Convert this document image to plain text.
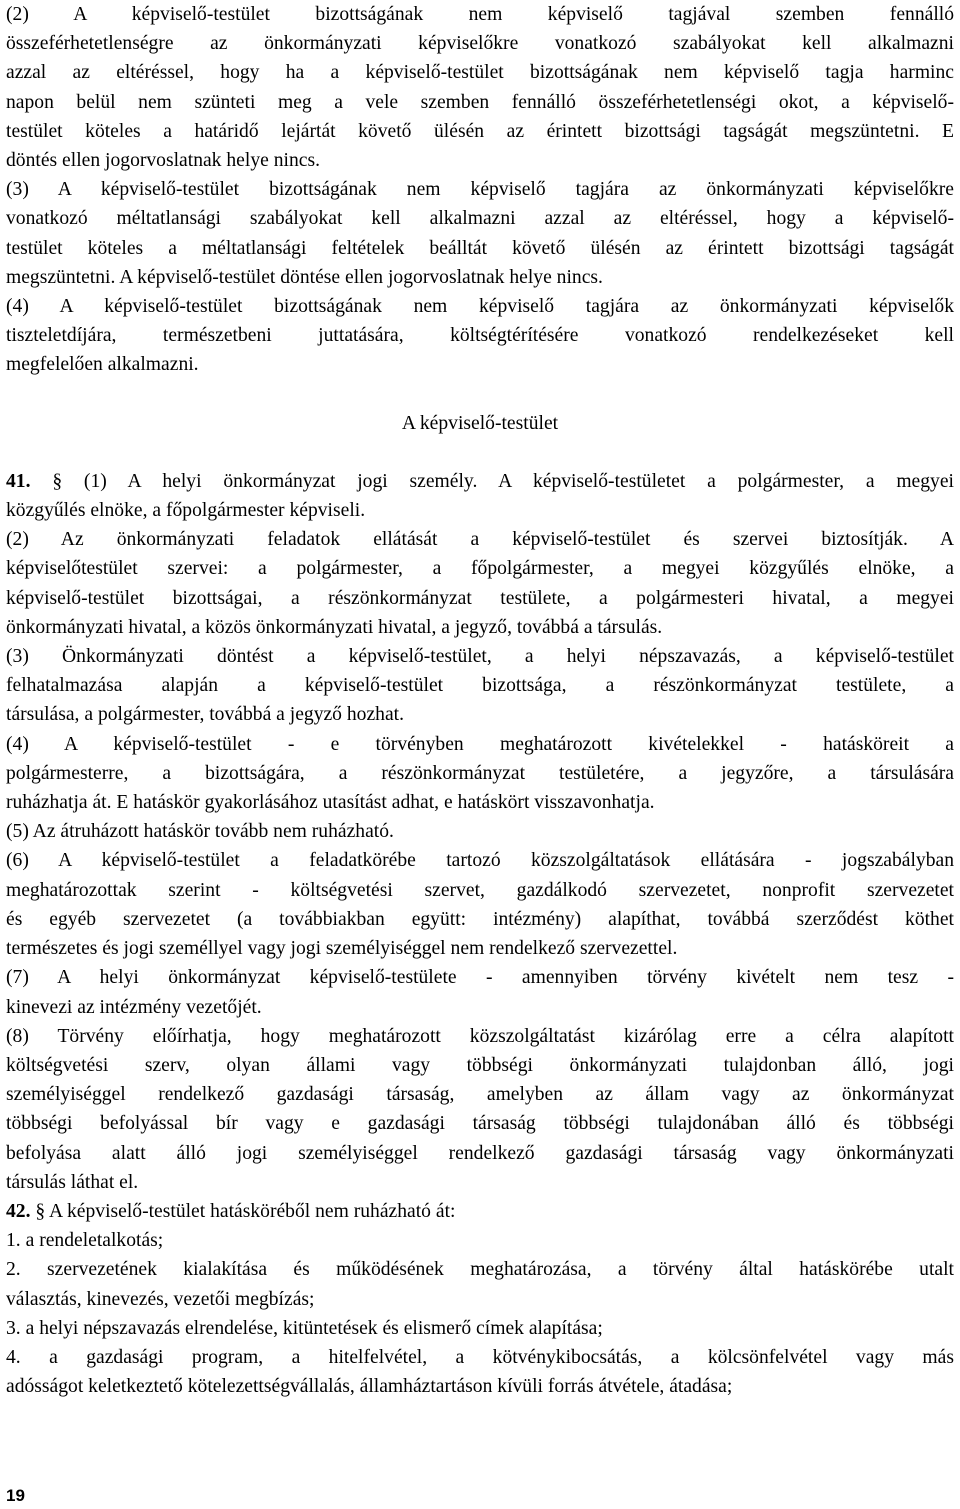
(2) A képviselő-testület bizottságának nem képviselő tagjával szemben fennálló
összeférhetetlenségre az önkormányzati képviselőkre vonatkozó szabályokat kell alkalmazni
azzal az eltéréssel, hogy ha a képviselő-testület bizottságának nem képviselő tagja harminc
napon belül nem szünteti meg a vele szemben fennálló összeférhetetlenségi okot, a képviselő-
testület köteles a határidő lejártát követő ülésén az érintett bizottsági tagságát megszüntetni. E
döntés ellen jogorvoslatnak helye nincs.
(3) A képviselő-testület bizottságának nem képviselő tagjára az önkormányzati képviselőkre
vonatkozó méltatlansági szabályokat kell alkalmazni azzal az eltéréssel, hogy a képviselő-
testület köteles a méltatlansági feltételek beálltát követő ülésén az érintett bizottsági tagságát
megszüntetni. A képviselő-testület döntése ellen jogorvoslatnak helye nincs.
(4) A képviselő-testület bizottságának nem képviselő tagjára az önkormányzati képviselők
tiszteletdíjára, természetbeni juttatására, költségtérítésére vonatkozó rendelkezéseket kell
megfelelően alkalmazni.

A képviselő-testület

41. § (1) A helyi önkormányzat jogi személy. A képviselő-testületet a polgármester, a megyei
közgyűlés elnöke, a főpolgármester képviseli.
(2) Az önkormányzati feladatok ellátását a képviselő-testület és szervei biztosítják. A
képviselőtestület szervei: a polgármester, a főpolgármester, a megyei közgyűlés elnöke, a
képviselő-testület bizottságai, a részönkormányzat testülete, a polgármesteri hivatal, a megyei
önkormányzati hivatal, a közös önkormányzati hivatal, a jegyző, továbbá a társulás.
(3) Önkormányzati döntést a képviselő-testület, a helyi népszavazás, a képviselő-testület
felhatalmazása alapján a képviselő-testület bizottsága, a részönkormányzat testülete, a
társulása, a polgármester, továbbá a jegyző hozhat.
(4) A képviselő-testület - e törvényben meghatározott kivételekkel - hatásköreit a
polgármesterre, a bizottságára, a részönkormányzat testületére, a jegyzőre, a társulására
ruházhatja át. E hatáskör gyakorlásához utasítást adhat, e hatáskört visszavonhatja.
(5) Az átruházott hatáskör tovább nem ruházható.
(6) A képviselő-testület a feladatkörébe tartozó közszolgáltatások ellátására - jogszabályban
meghatározottak szerint - költségvetési szervet, gazdálkodó szervezetet, nonprofit szervezetet
és egyéb szervezetet (a továbbiakban együtt: intézmény) alapíthat, továbbá szerződést köthet
természetes és jogi személlyel vagy jogi személyiséggel nem rendelkező szervezettel.
(7) A helyi önkormányzat képviselő-testülete - amennyiben törvény kivételt nem tesz -
kinevezi az intézmény vezetőjét.
(8) Törvény előírhatja, hogy meghatározott közszolgáltatást kizárólag erre a célra alapított
költségvetési szerv, olyan állami vagy többségi önkormányzati tulajdonban álló, jogi
személyiséggel rendelkező gazdasági társaság, amelyben az állam vagy az önkormányzat
többségi befolyással bír vagy e gazdasági társaság többségi tulajdonában álló és többségi
befolyása alatt álló jogi személyiséggel rendelkező gazdasági társaság vagy önkormányzati
társulás láthat el.
42. § A képviselő-testület hatásköréből nem ruházható át:
1. a rendeletalkotás;
2. szervezetének kialakítása és működésének meghatározása, a törvény által hatáskörébe utalt
választás, kinevezés, vezetői megbízás;
3. a helyi népszavazás elrendelése, kitüntetések és elismerő címek alapítása;
4. a gazdasági program, a hitelfelvétel, a kötvénykibocsátás, a kölcsönfelvétel vagy más
adósságot keletkeztető kötelezettségvállalás, államháztartáson kívüli forrás átvétele, átadása;
19
